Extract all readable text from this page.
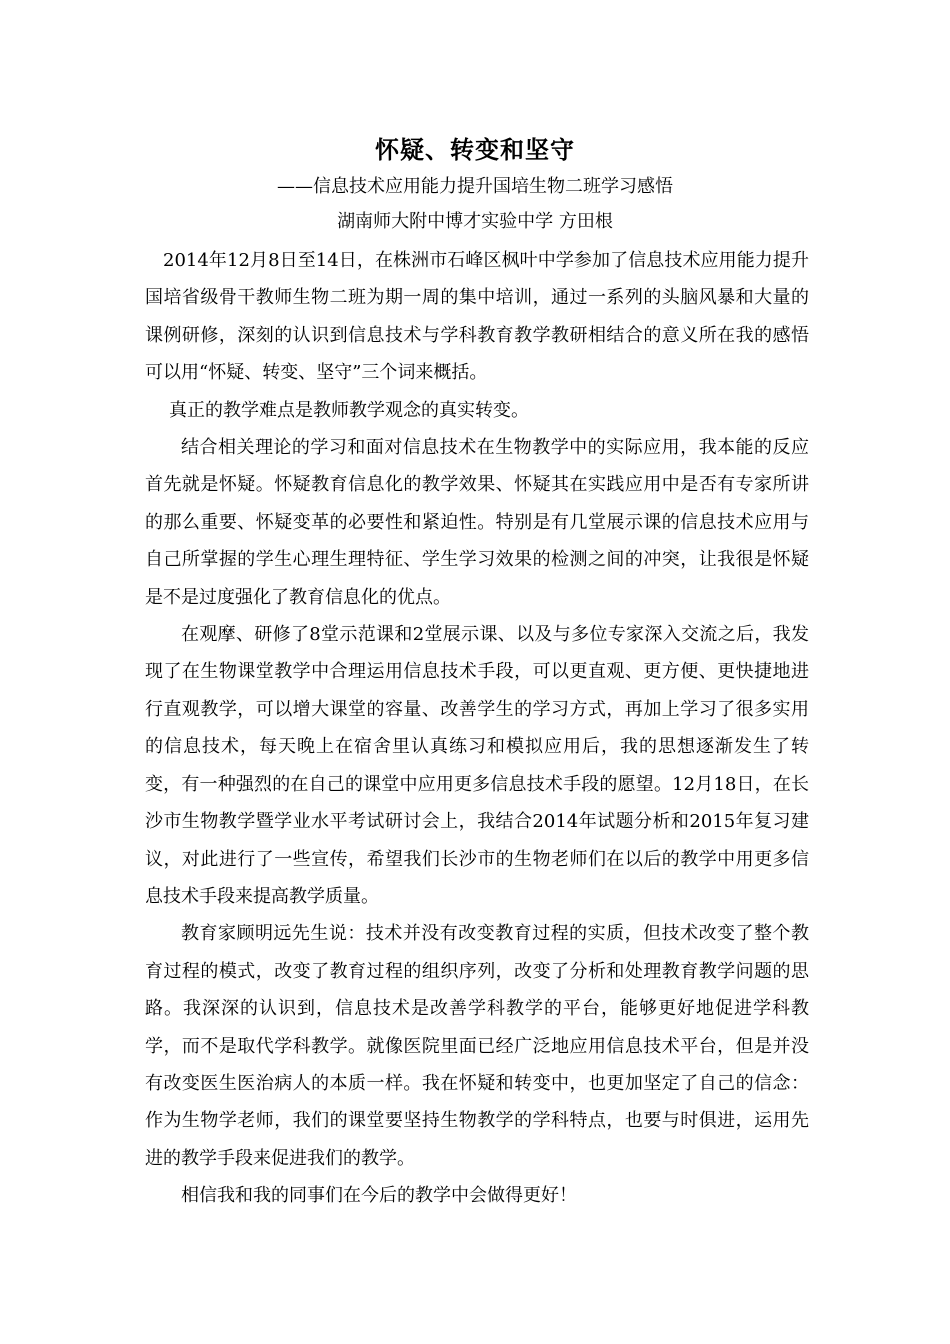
怀疑、转变和坚守
——信息技术应用能力提升国培生物二班学习感悟
湖南师大附中博才实验中学 方田根

2014年12月8日至14日，在株洲市石峰区枫叶中学参加了信息技术应用能力提升国培省级骨干教师生物二班为期一周的集中培训，通过一系列的头脑风暴和大量的课例研修，深刻的认识到信息技术与学科教育教学教研相结合的意义所在我的感悟可以用“怀疑、转变、坚守”三个词来概括。

真正的教学难点是教师教学观念的真实转变。

结合相关理论的学习和面对信息技术在生物教学中的实际应用，我本能的反应首先就是怀疑。怀疑教育信息化的教学效果、怀疑其在实践应用中是否有专家所讲的那么重要、怀疑变革的必要性和紧迫性。特别是有几堂展示课的信息技术应用与自己所掌握的学生心理生理特征、学生学习效果的检测之间的冲突，让我很是怀疑是不是过度强化了教育信息化的优点。

在观摩、研修了8堂示范课和2堂展示课、以及与多位专家深入交流之后，我发现了在生物课堂教学中合理运用信息技术手段，可以更直观、更方便、更快捷地进行直观教学，可以增大课堂的容量、改善学生的学习方式，再加上学习了很多实用的信息技术，每天晚上在宿舍里认真练习和模拟应用后，我的思想逐渐发生了转变，有一种强烈的在自己的课堂中应用更多信息技术手段的愿望。12月18日，在长沙市生物教学暨学业水平考试研讨会上，我结合2014年试题分析和2015年复习建议，对此进行了一些宣传，希望我们长沙市的生物老师们在以后的教学中用更多信息技术手段来提高教学质量。

教育家顾明远先生说：技术并没有改变教育过程的实质，但技术改变了整个教育过程的模式，改变了教育过程的组织序列，改变了分析和处理教育教学问题的思路。我深深的认识到，信息技术是改善学科教学的平台，能够更好地促进学科教学，而不是取代学科教学。就像医院里面已经广泛地应用信息技术平台，但是并没有改变医生医治病人的本质一样。我在怀疑和转变中，也更加坚定了自己的信念：作为生物学老师，我们的课堂要坚持生物教学的学科特点，也要与时俱进，运用先进的教学手段来促进我们的教学。

相信我和我的同事们在今后的教学中会做得更好！
